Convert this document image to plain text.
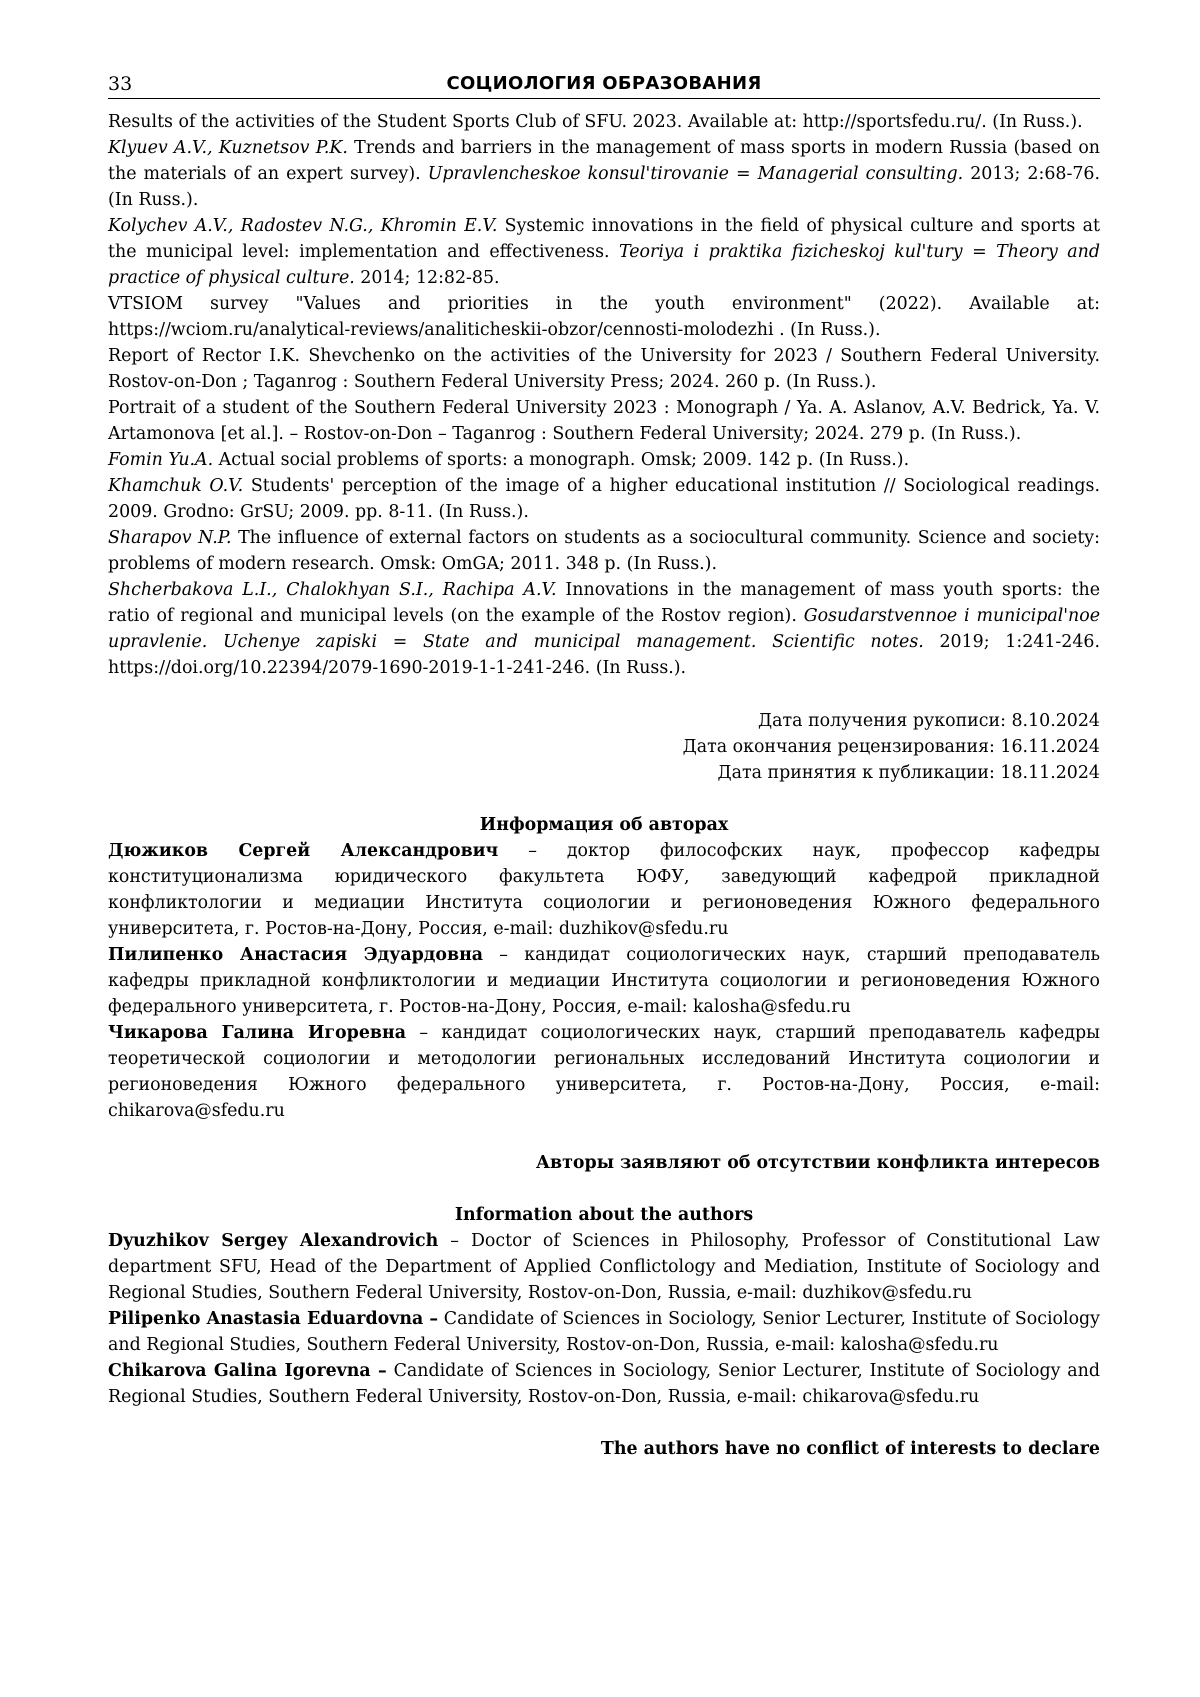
33	СОЦИОЛОГИЯ ОБРАЗОВАНИЯ

Results of the activities of the Student Sports Club of SFU. 2023. Available at: http://sportsfedu.ru/. (In Russ.).

Klyuev A.V., Kuznetsov P.K. Trends and barriers in the management of mass sports in modern Russia (based on the materials of an expert survey). Upravlencheskoe konsul'tirovanie = Managerial consulting. 2013; 2:68-76. (In Russ.).

Kolychev A.V., Radostev N.G., Khromin E.V. Systemic innovations in the field of physical culture and sports at the municipal level: implementation and effectiveness. Teoriya i praktika fizicheskoj kul'tury = Theory and practice of physical culture. 2014; 12:82-85.

VTSIOM survey "Values and priorities in the youth environment" (2022). Available at: https://wciom.ru/analytical-reviews/analiticheskii-obzor/cennosti-molodezhi . (In Russ.).

Report of Rector I.K. Shevchenko on the activities of the University for 2023 / Southern Federal University. Rostov-on-Don ; Taganrog : Southern Federal University Press; 2024. 260 p. (In Russ.).

Portrait of a student of the Southern Federal University 2023 : Monograph / Ya. A. Aslanov, A.V. Bedrick, Ya. V. Artamonova [et al.]. – Rostov-on-Don – Taganrog : Southern Federal University; 2024. 279 p. (In Russ.).

Fomin Yu.A. Actual social problems of sports: a monograph. Omsk; 2009. 142 p. (In Russ.).

Khamchuk O.V. Students' perception of the image of a higher educational institution // Sociological readings. 2009. Grodno: GrSU; 2009. pp. 8-11. (In Russ.).

Sharapov N.P. The influence of external factors on students as a sociocultural community. Science and society: problems of modern research. Omsk: OmGA; 2011. 348 p. (In Russ.).

Shcherbakova L.I., Chalokhyan S.I., Rachipa A.V. Innovations in the management of mass youth sports: the ratio of regional and municipal levels (on the example of the Rostov region). Gosudarstvennoe i municipal'noe upravlenie. Uchenye zapiski = State and municipal management. Scientific notes. 2019; 1:241-246. https://doi.org/10.22394/2079-1690-2019-1-1-241-246. (In Russ.).

Дата получения рукописи: 8.10.2024
Дата окончания рецензирования: 16.11.2024
Дата принятия к публикации: 18.11.2024
Информация об авторах

Дюжиков Сергей Александрович – доктор философских наук, профессор кафедры конституционализма юридического факультета ЮФУ, заведующий кафедрой прикладной конфликтологии и медиации Института социологии и регионоведения Южного федерального университета, г. Ростов-на-Дону, Россия, e-mail: duzhikov@sfedu.ru

Пилипенко Анастасия Эдуардовна – кандидат социологических наук, старший преподаватель кафедры прикладной конфликтологии и медиации Института социологии и регионоведения Южного федерального университета, г. Ростов-на-Дону, Россия, e-mail: kalosha@sfedu.ru

Чикарова Галина Игоревна – кандидат социологических наук, старший преподаватель кафедры теоретической социологии и методологии региональных исследований Института социологии и регионоведения Южного федерального университета, г. Ростов-на-Дону, Россия, e-mail: chikarova@sfedu.ru

Авторы заявляют об отсутствии конфликта интересов
Information about the authors

Dyuzhikov Sergey Alexandrovich – Doctor of Sciences in Philosophy, Professor of Constitutional Law department SFU, Head of the Department of Applied Conflictology and Mediation, Institute of Sociology and Regional Studies, Southern Federal University, Rostov-on-Don, Russia, e-mail: duzhikov@sfedu.ru

Pilipenko Anastasia Eduardovna – Candidate of Sciences in Sociology, Senior Lecturer, Institute of Sociology and Regional Studies, Southern Federal University, Rostov-on-Don, Russia, e-mail: kalosha@sfedu.ru

Chikarova Galina Igorevna – Candidate of Sciences in Sociology, Senior Lecturer, Institute of Sociology and Regional Studies, Southern Federal University, Rostov-on-Don, Russia, e-mail: chikarova@sfedu.ru

The authors have no conflict of interests to declare
